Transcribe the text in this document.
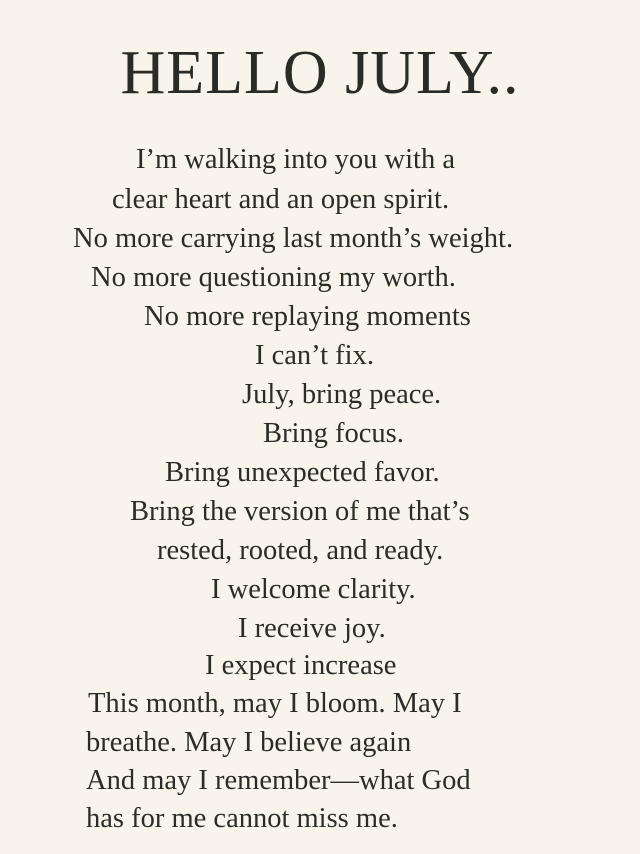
HELLO JULY..
I’m walking into you with a
clear heart and an open spirit.
No more carrying last month’s weight.
No more questioning my worth.
No more replaying moments
I can’t fix.
July, bring peace.
Bring focus.
Bring unexpected favor.
Bring the version of me that’s
rested, rooted, and ready.
I welcome clarity.
I receive joy.
I expect increase
This month, may I bloom. May I
breathe. May I believe again
And may I remember—what God
has for me cannot miss me.
